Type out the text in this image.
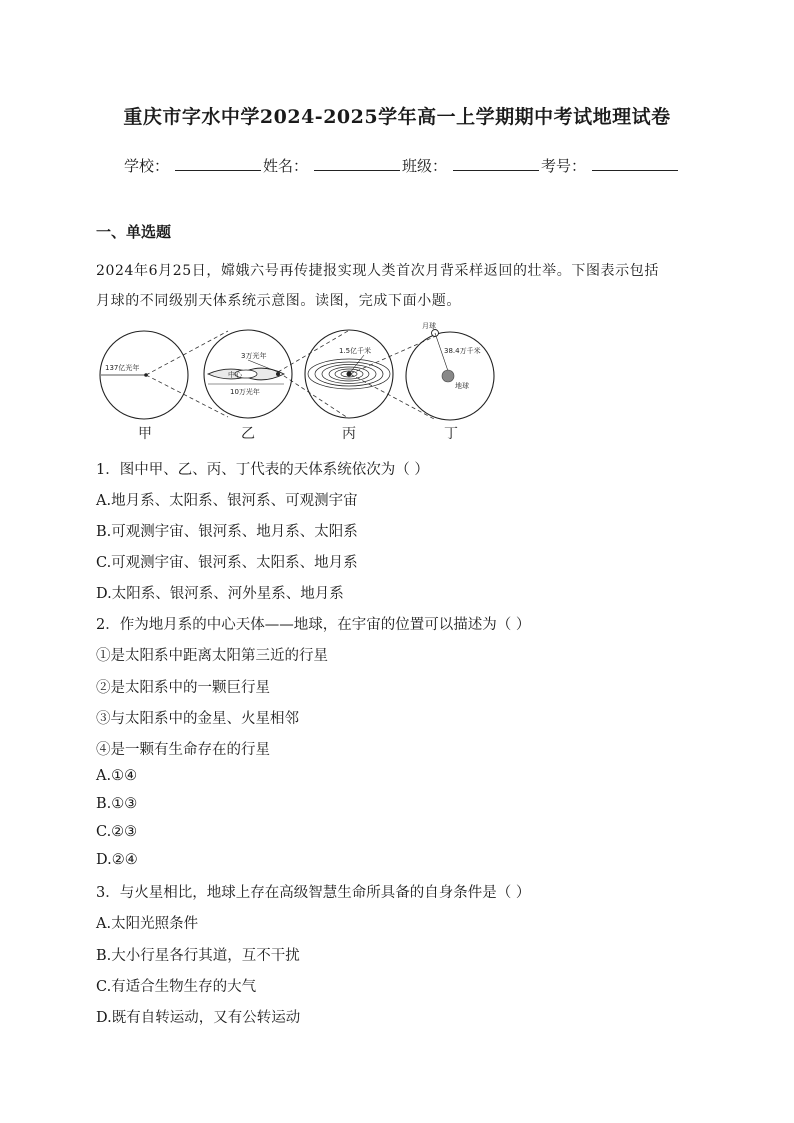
重庆市字水中学2024-2025学年高一上学期期中考试地理试卷
学校：	姓名：	班级：	考号：
一、单选题
2024年6月25日，嫦娥六号再传捷报实现人类首次月背采样返回的壮举。下图表示包括
月球的不同级别天体系统示意图。读图，完成下面小题。
137亿光年
甲
3万光年
中心
10万光年
乙
1.5亿千米
丙
月球
38.4万千米
地球
丁
1．图中甲、乙、丙、丁代表的天体系统依次为（ ）
A.地月系、太阳系、银河系、可观测宇宙
B.可观测宇宙、银河系、地月系、太阳系
C.可观测宇宙、银河系、太阳系、地月系
D.太阳系、银河系、河外星系、地月系
2．作为地月系的中心天体——地球，在宇宙的位置可以描述为（ ）
①是太阳系中距离太阳第三近的行星
②是太阳系中的一颗巨行星
③与太阳系中的金星、火星相邻
④是一颗有生命存在的行星
A.①④
B.①③
C.②③
D.②④
3．与火星相比，地球上存在高级智慧生命所具备的自身条件是（ ）
A.太阳光照条件
B.大小行星各行其道，互不干扰
C.有适合生物生存的大气
D.既有自转运动，又有公转运动
